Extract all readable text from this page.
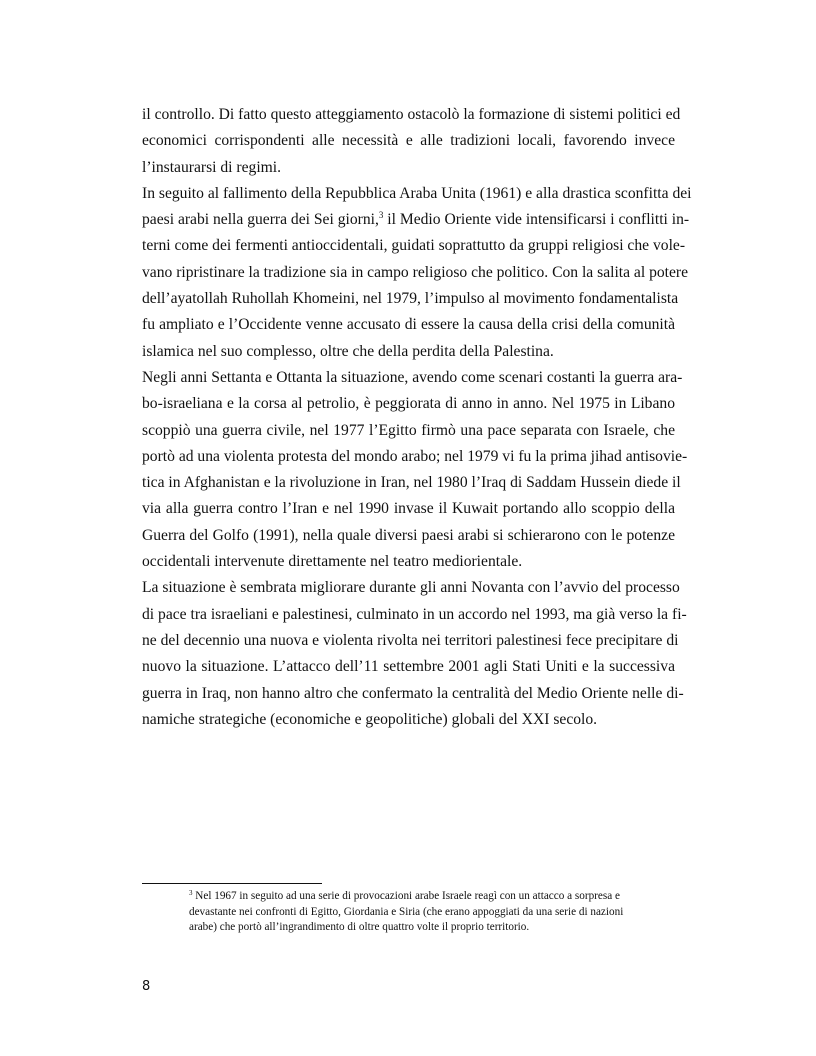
il controllo. Di fatto questo atteggiamento ostacolò la formazione di sistemi politici ed
economici corrispondenti alle necessità e alle tradizioni locali, favorendo invece
l’instaurarsi di regimi.

In seguito al fallimento della Repubblica Araba Unita (1961) e alla drastica sconfitta dei
paesi arabi nella guerra dei Sei giorni,$^3$ il Medio Oriente vide intensificarsi i conflitti in-
terni come dei fermenti antioccidentali, guidati soprattutto da gruppi religiosi che vole-
vano ripristinare la tradizione sia in campo religioso che politico. Con la salita al potere
dell’ayatollah Ruhollah Khomeini, nel 1979, l’impulso al movimento fondamentalista
fu ampliato e l’Occidente venne accusato di essere la causa della crisi della comunità
islamica nel suo complesso, oltre che della perdita della Palestina.

Negli anni Settanta e Ottanta la situazione, avendo come scenari costanti la guerra ara-
bo-israeliana e la corsa al petrolio, è peggiorata di anno in anno. Nel 1975 in Libano
scoppiò una guerra civile, nel 1977 l’Egitto firmò una pace separata con Israele, che
portò ad una violenta protesta del mondo arabo; nel 1979 vi fu la prima jihad antisovie-
tica in Afghanistan e la rivoluzione in Iran, nel 1980 l’Iraq di Saddam Hussein diede il
via alla guerra contro l’Iran e nel 1990 invase il Kuwait portando allo scoppio della
Guerra del Golfo (1991), nella quale diversi paesi arabi si schierarono con le potenze
occidentali intervenute direttamente nel teatro mediorientale.

La situazione è sembrata migliorare durante gli anni Novanta con l’avvio del processo
di pace tra israeliani e palestinesi, culminato in un accordo nel 1993, ma già verso la fi-
ne del decennio una nuova e violenta rivolta nei territori palestinesi fece precipitare di
nuovo la situazione. L’attacco dell’11 settembre 2001 agli Stati Uniti e la successiva
guerra in Iraq, non hanno altro che confermato la centralità del Medio Oriente nelle di-
namiche strategiche (economiche e geopolitiche) globali del XXI secolo.

$^3$ Nel 1967 in seguito ad una serie di provocazioni arabe Israele reagì con un attacco a sorpresa e
devastante nei confronti di Egitto, Giordania e Siria (che erano appoggiati da una serie di nazioni
arabe) che portò all’ingrandimento di oltre quattro volte il proprio territorio.
8
